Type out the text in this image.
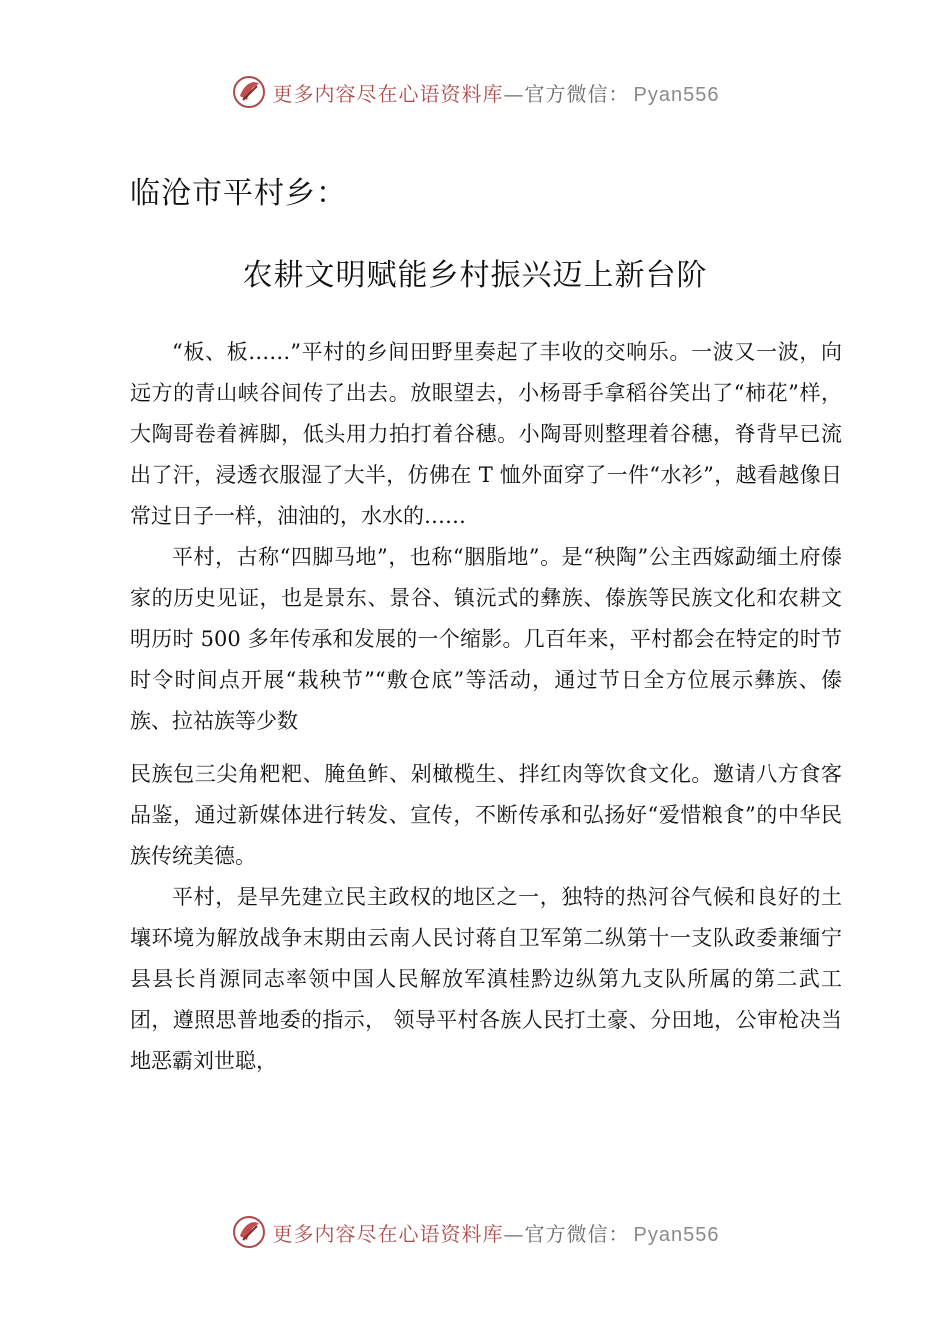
更多内容尽在心语资料库—官方微信： Pyan556
临沧市平村乡：
农耕文明赋能乡村振兴迈上新台阶

“板、板……”平村的乡间田野里奏起了丰收的交响乐。一波又一波，向远方的青山峡谷间传了出去。放眼望去，小杨哥手拿稻谷笑出了“柿花”样，大陶哥卷着裤脚，低头用力拍打着谷穗。小陶哥则整理着谷穗，脊背早已流出了汗，浸透衣服湿了大半，仿佛在 T 恤外面穿了一件“水衫”，越看越像日常过日子一样，油油的，水水的……

平村，古称“四脚马地”，也称“胭脂地”。是“秧陶”公主西嫁勐缅土府傣家的历史见证，也是景东、景谷、镇沅式的彝族、傣族等民族文化和农耕文明历时 500 多年传承和发展的一个缩影。几百年来，平村都会在特定的时节时令时间点开展“栽秧节”“敷仓底”等活动，通过节日全方位展示彝族、傣族、拉祜族等少数

民族包三尖角粑粑、腌鱼鲊、剁橄榄生、拌红肉等饮食文化。邀请八方食客品鉴，通过新媒体进行转发、宣传，不断传承和弘扬好“爱惜粮食”的中华民族传统美德。

平村，是早先建立民主政权的地区之一，独特的热河谷气候和良好的土壤环境为解放战争末期由云南人民讨蒋自卫军第二纵第十一支队政委兼缅宁县县长肖源同志率领中国人民解放军滇桂黔边纵第九支队所属的第二武工团，遵照思普地委的指示， 领导平村各族人民打土豪、分田地，公审枪决当地恶霸刘世聪，

更多内容尽在心语资料库—官方微信： Pyan556
